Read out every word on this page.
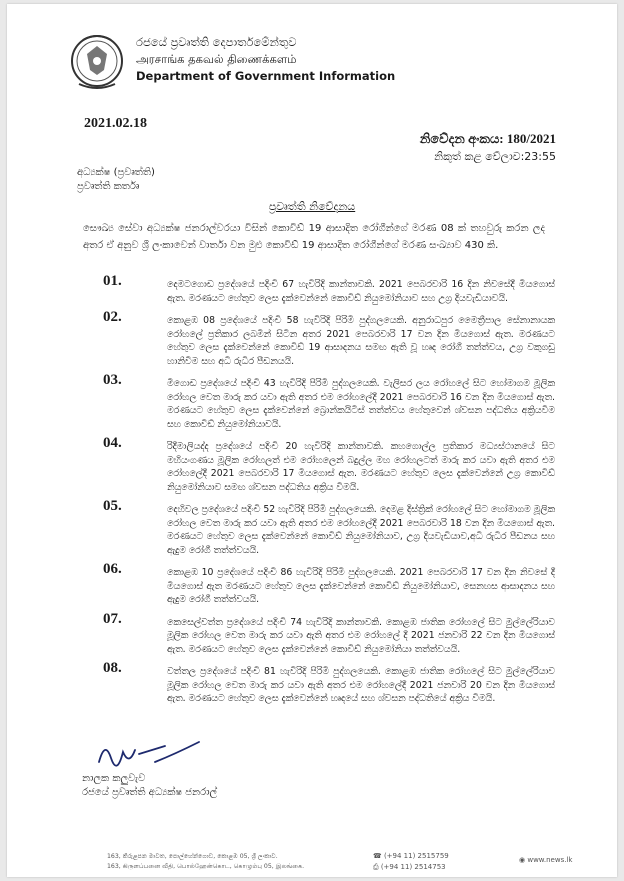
රජයේ ප්‍රවෘත්ති දෙපාර්තමේන්තුව
அரசாங்க தகவல் திணைக்களம்
Department of Government Information
2021.02.18
නිවේදන අංකය: 180/2021
නිකුත් කළ වේලාව:23:55
අධ්‍යක්ෂ (ප්‍රවෘත්ති)
ප්‍රවෘත්ති කර්තෘ
ප්‍රවෘත්ති නිවේදනය
සෞඛ්‍ය සේවා අධ්‍යක්ෂ ජනරාල්වරයා විසින් කොවිඩ් 19 ආසාදිත රෝගීන්ගේ මරණ 08 ක් තහවුරු කරන ලද අතර ඒ අනුව ශ්‍රී ලංකාවෙන් වාර්තා වන මුළු කොවිඩ් 19 ආසාදිත රෝගීන්ගේ මරණ සංඛ්‍යාව 430 කි.
01.	දෙමටගොඩ ප්‍රදේශයේ පදිංචි 67 හැවිරිදි කාන්තාවකි. 2021 පෙබරවාරි 16 දින නිවසේදී මියගොස් ඇත. මරණයට හේතුව ලෙස දැක්වෙන්නේ කොවිඩ් නියුමෝනියාව සහ උග්‍ර දියවැඩියාවයි.
02.	කොළඹ 08 ප්‍රදේශයේ පදිංචි 58 හැවිරිදි පිරිමි පුද්ගලයෙකි. අනුරාධපුර මෛත්‍රීපාල සේනානායක රෝහලේ ප්‍රතිකාර ලබමින් සිටින අතර 2021 පෙබරවාරි 17 වන දින මියගොස් ඇත. මරණයට හේතුව ලෙස දැක්වෙන්නේ කොවිඩ් 19 ආසාදනය සමඟ ඇති වූ හෘද රෝගී තත්ත්වය, උග්‍ර වකුගඩු හානිවීම සහ අධි රුධිර පීඩනයයි.
03.	මීගොඩ ප්‍රදේශයේ පදිංචි 43 හැවිරිදි පිරිමි පුද්ගලයෙකි. වැලිසර ලය රෝහලේ සිට හෝමාගම මූලික රෝහල වෙත මාරු කර යවා ඇති අතර එම රෝහලේදී 2021 පෙබරවාරි 16 වන දින මියගොස් ඇත. මරණයට හේතුව ලෙස දැක්වෙන්නේ බ්‍රොන්කයිටිස් තත්ත්වය හේතුවෙන් ශ්වසන පද්ධතිය අක්‍රියවීම සහ කොවිඩ් නියුමෝනියාවයි.
04.	රිදීමාලියද්ද ප්‍රදේශයේ පදිංචි 20 හැවිරිදි කාන්තාවකි. කහගොල්ල ප්‍රතිකාර මධ්‍යස්ථානයේ සිට මහියංගණය මූලික රෝහලත් එම රෝහලෙන් බදුල්ල මහ රෝහලටත් මාරු කර යවා ඇති අතර එම රෝහලේදී 2021 පෙබරවාරි 17 මියගොස් ඇත. මරණයට හේතුව ලෙස දැක්වෙන්නේ උග්‍ර කොවිඩ් නියුමෝනියාව සමඟ ශ්වසන පද්ධතිය අක්‍රිය වීමයි.
05.	දෙහිවල ප්‍රදේශයේ පදිංචි 52 හැවිරිදි පිරිමි පුද්ගලයෙකි. දෙමළ දිස්ත්‍රික් රෝහලේ සිට හෝමාගම මූලික රෝහල වෙත මාරු කර යවා ඇති අතර එම රෝහලේදී 2021 පෙබරවාරි 18 වන දින මියගොස් ඇත. මරණයට හේතුව ලෙස දැක්වෙන්නේ කොවිඩ් නියුමෝනියාව, උග්‍ර දියවැඩියාව,අධි රුධිර පීඩනය සහ ඇදුම රෝගී තත්ත්වයයි.
06.	කොළඹ 10 ප්‍රදේශයේ පදිංචි 86 හැවිරිදි පිරිමි පුද්ගලයෙකි. 2021 පෙබරවාරි 17 වන දින නිවසේ දී මියගොස් ඇත මරණයට හේතුව ලෙස දැක්වෙන්නේ කොවිඩ් නියුමෝනියාව, සෙනහස ආසාදනය සහ ඇදුම රෝගී තත්ත්වයයි.
07.	කෙසෙල්වත්ත ප්‍රදේශයේ පදිංචි 74 හැවිරිදි කාන්තාවකි. කොළඹ ජාතික රෝහලේ සිට මුල්ලේරියාව මූලික රෝහල වෙත මාරු කර යවා ඇති අතර එම රෝහලේ දී 2021 ජනවාරි 22 වන දින මියගොස් ඇත. මරණයට හේතුව ලෙස දැක්වෙන්නේ කොවිඩ් නියුමෝනියා තත්ත්වයයි.
08.	වත්තල ප්‍රදේශයේ පදිංචි 81 හැවිරිදි පිරිමි පුද්ගලයෙකි. කොළඹ ජාතික රෝහලේ සිට මුල්ලේරියාව මූලික රෝහල වෙත මාරු කර යවා ඇති අතර එම රෝහලේදී 2021 ජනවාරි 20 වන දින මියගොස් ඇත. මරණයට හේතුව ලෙස දැක්වෙන්නේ හෘදයේ සහ ශ්වසන පද්ධතියේ අක්‍රිය වීමයි.
නාලක කලුවැව
රජයේ ප්‍රවෘත්ති අධ්‍යක්ෂ ජනරාල්
163, කිරුළපන මාවත, පොල්හේන්ගොඩ, කොළඹ 05, ශ්‍රී ලංකාව.
163, கிருளப்பனை வீதி, பொல்ஹேன்கொட, கொழும்பு 05, இலங்கை.
☎ (+94 11) 2515759
⎙ (+94 11) 2514753
◉ www.news.lk
